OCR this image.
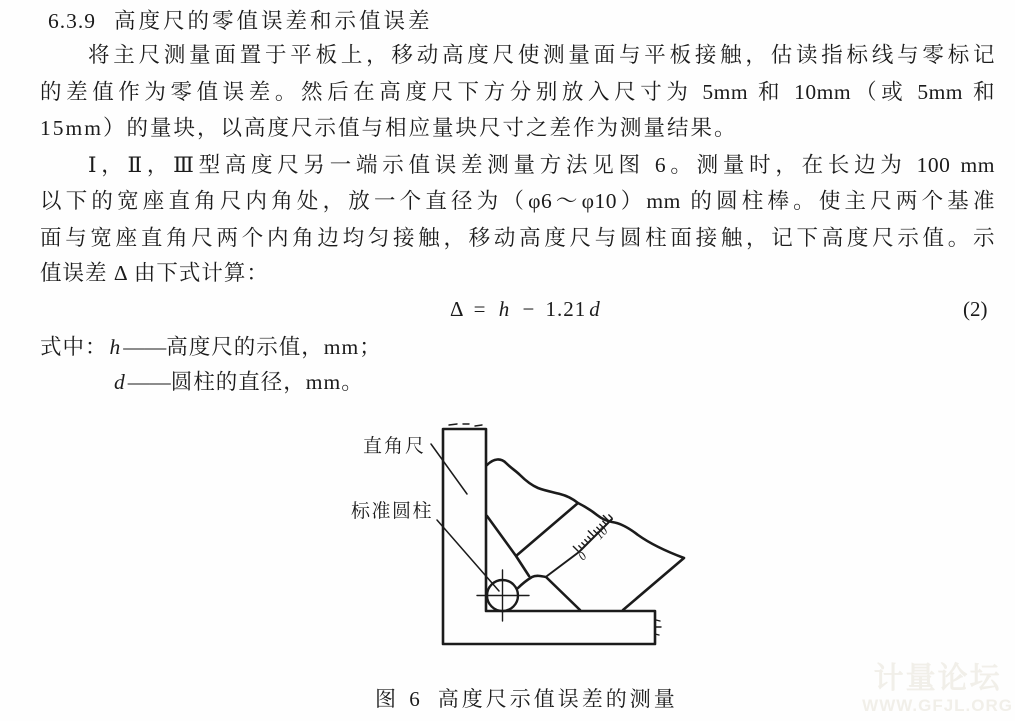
6.3.9 高度尺的零值误差和示值误差
将主尺测量面置于平板上，移动高度尺使测量面与平板接触，估读指标线与零标记
的差值作为零值误差。然后在高度尺下方分别放入尺寸为 5mm 和 10mm（或 5mm 和
15mm）的量块，以高度尺示值与相应量块尺寸之差作为测量结果。
Ⅰ，Ⅱ，Ⅲ型高度尺另一端示值误差测量方法见图 6。测量时，在长边为 100 mm
以下的宽座直角尺内角处，放一个直径为（φ6～φ10）mm 的圆柱棒。使主尺两个基准
面与宽座直角尺两个内角边均匀接触，移动高度尺与圆柱面接触，记下高度尺示值。示
值误差 Δ 由下式计算：
Δ = h − 1.21 d	(2)
式中：h——高度尺的示值，mm；
d——圆柱的直径，mm。
直角尺
标准圆柱
0
10
图 6 高度尺示值误差的测量
计量论坛
WWW.GFJL.ORG
